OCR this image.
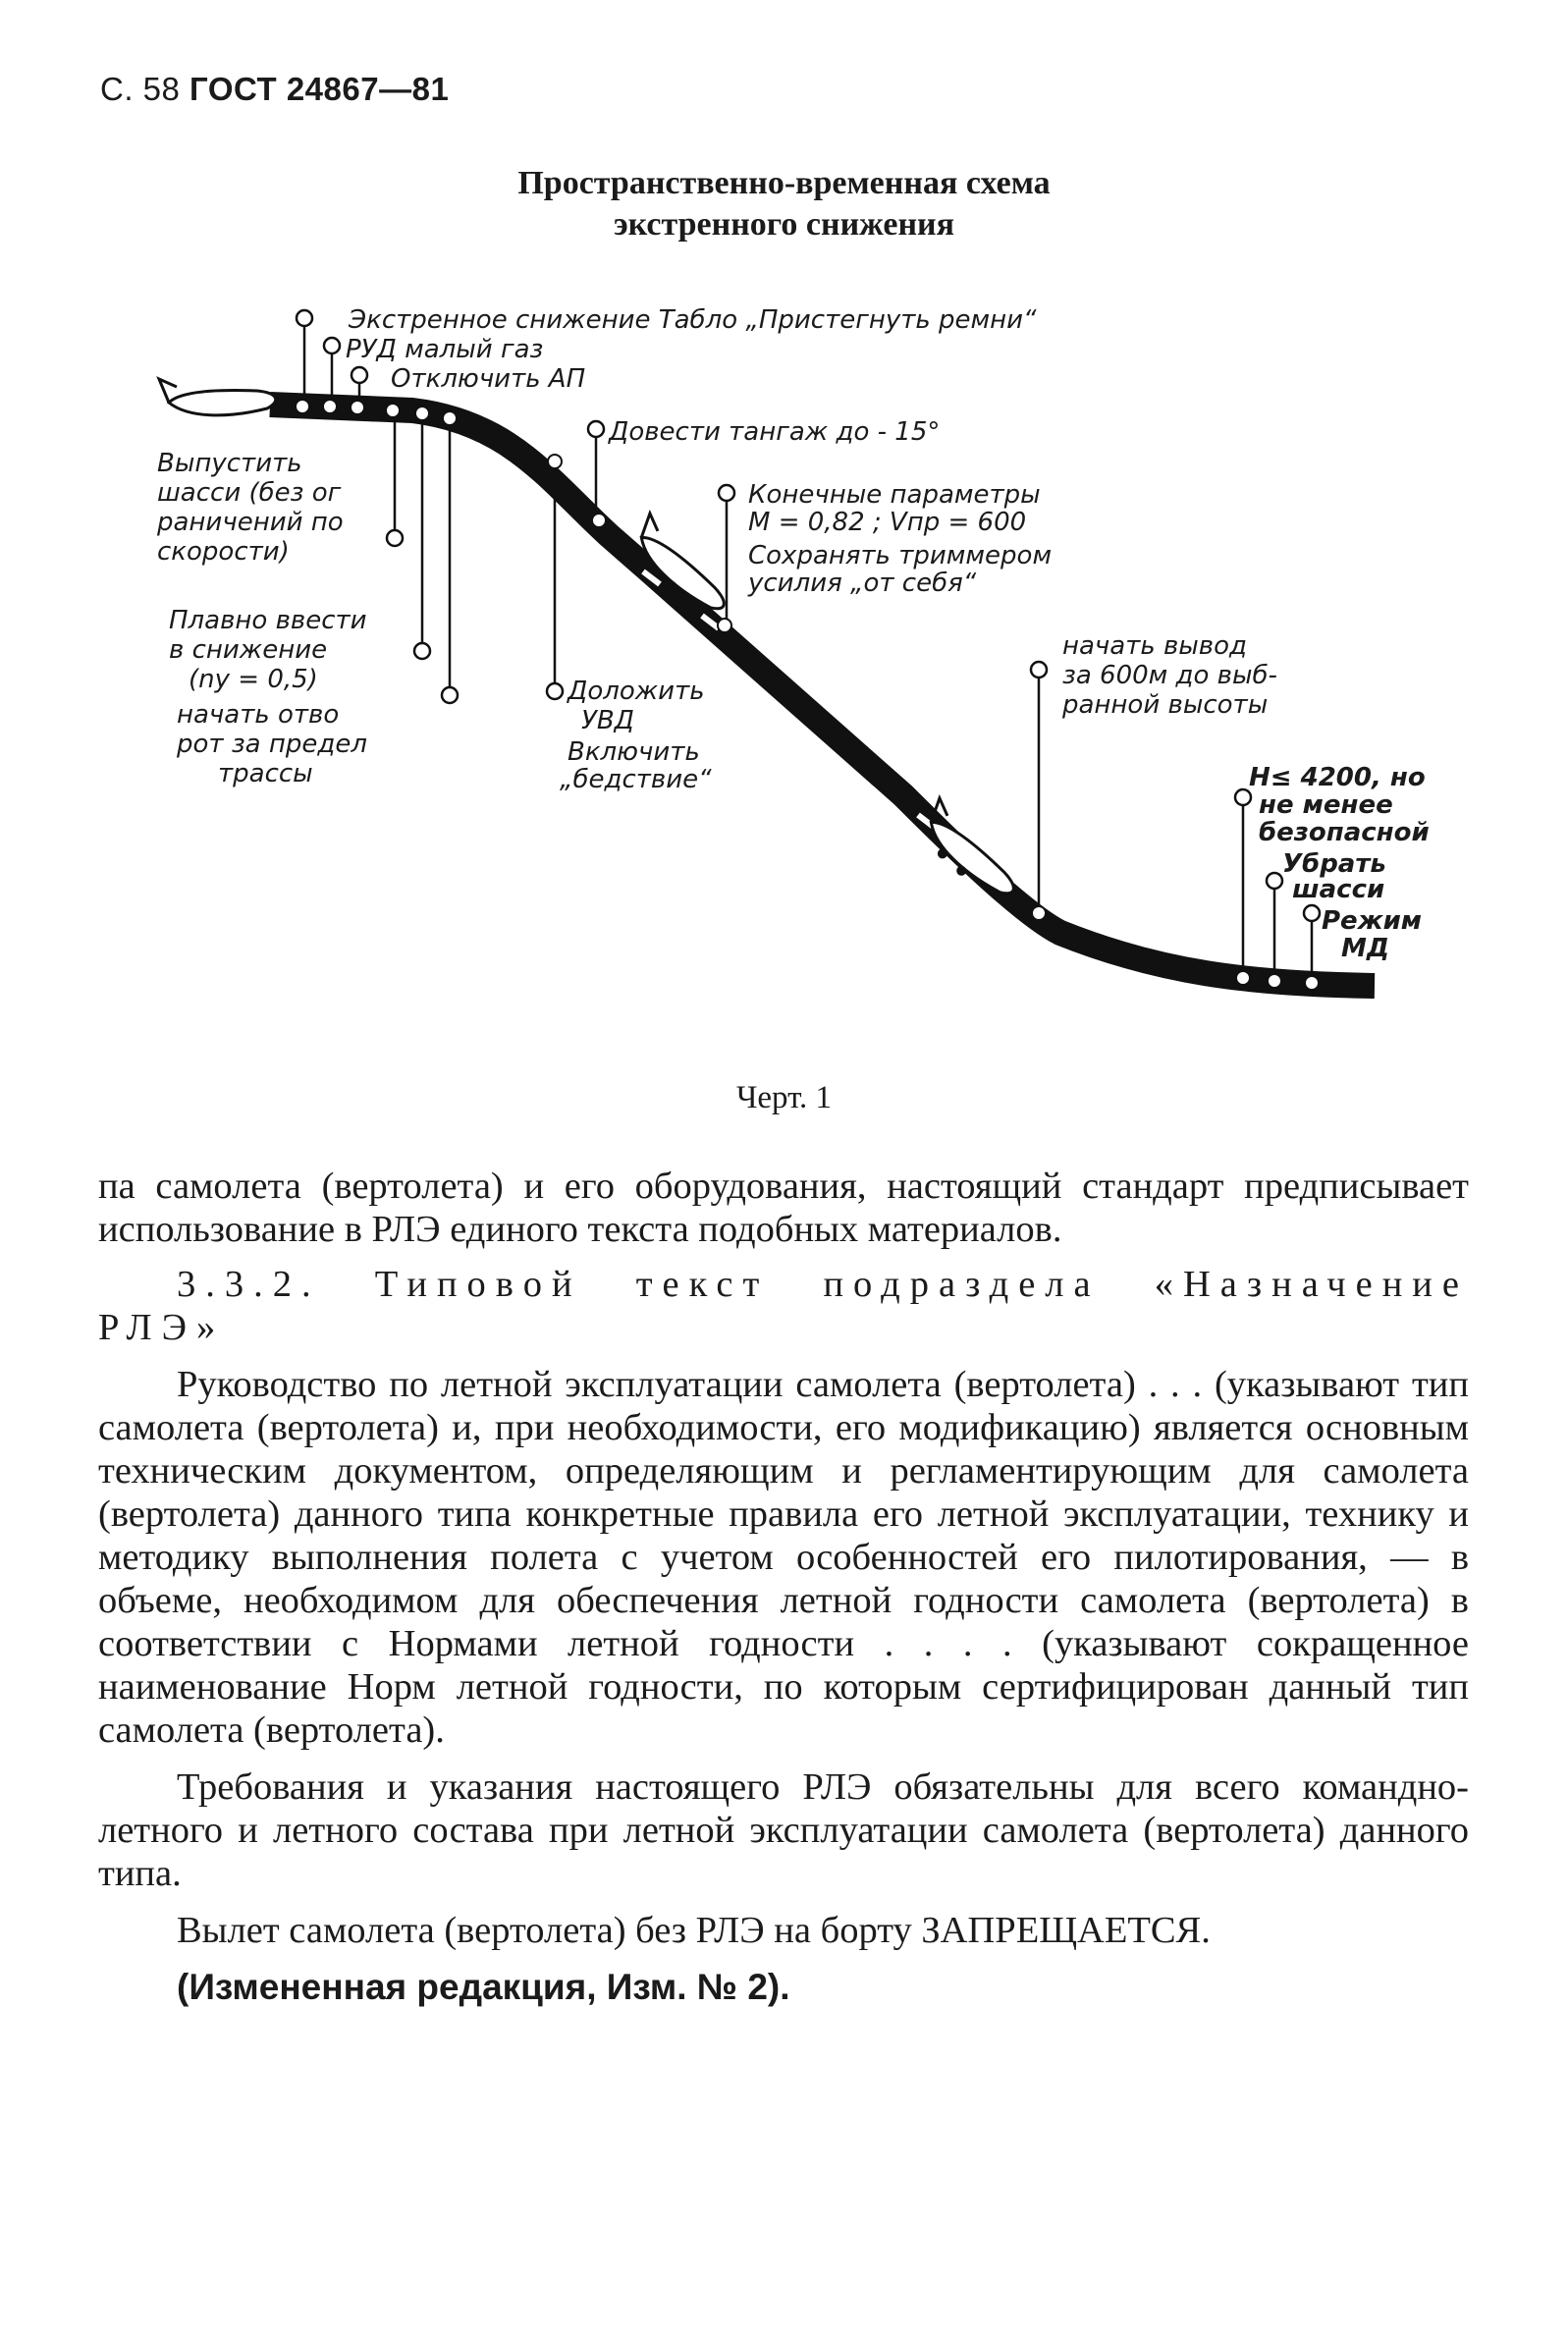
С. 58 ГОСТ 24867—81
Пространственно-временная схема
экстренного снижения
Экстренное снижение Табло „Пристегнуть ремни“
РУД малый газ
Отключить АП
Довести тангаж до - 15°
Выпустить
шасси (без ог
раничений по
скорости)
Конечные параметры
M = 0,82 ; Vпр = 600
Сохранять триммером
усилия „от себя“
Плавно ввести
в снижение
(nу = 0,5)
начать отво
рот за предел
трассы
Доложить
УВД
Включить
„бедствие“
начать вывод
за 600м до выб-
ранной высоты
H≤ 4200, но
не менее
безопасной
Убрать
шасси
Режим
МД
Черт. 1

па самолета (вертолета) и его оборудования, настоящий стандарт предписывает использование в РЛЭ единого текста подобных материалов.

3.3.2. Типовой текст подраздела «Назначение РЛЭ»

Руководство по летной эксплуатации самолета (вертолета) . . . (указывают тип самолета (вертолета) и, при необходимости, его модификацию) является основным техническим документом, определяющим и регламентирующим для самолета (вертолета) данного типа конкретные правила его летной эксплуатации, технику и методику выполнения полета с учетом особенностей его пилотирования, — в объеме, необходимом для обеспечения летной годности самолета (вертолета) в соответствии с Нормами летной годности . . . . (указывают сокращенное наименование Норм летной годности, по которым сертифицирован данный тип самолета (вертолета).

Требования и указания настоящего РЛЭ обязательны для всего командно-летного и летного состава при летной эксплуатации самолета (вертолета) данного типа.

Вылет самолета (вертолета) без РЛЭ на борту ЗАПРЕЩАЕТСЯ.

(Измененная редакция, Изм. № 2).
